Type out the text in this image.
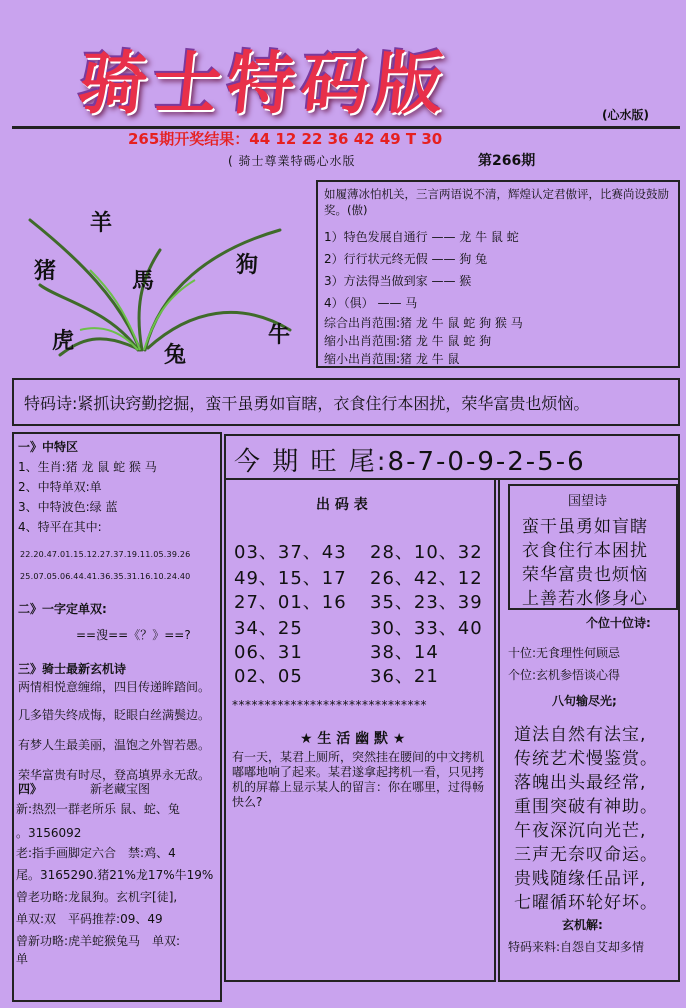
骑士特码版	(心水版)
265期开奖结果：44 12 22 36 42 49 T 30
( 骑士尊業特碼心水版	第266期
羊
猪	馬
狗
虎
兔
牛
如履薄冰怕机关，三言两语说不清，辉煌认定君傲评，比赛尚设鼓励奖。(傲)
1）特色发展自通行 —— 龙 牛 鼠 蛇
2）行行状元终无假 —— 狗 兔
3）方法得当做到家 —— 猴
4）（俱） —— 马
综合出肖范围:猪 龙 牛 鼠 蛇 狗 猴 马
缩小出肖范围:猪 龙 牛 鼠 蛇 狗
缩小出肖范围:猪 龙 牛 鼠
特码诗:紧抓诀窍勤挖掘，蛮干虽勇如盲瞎，衣食住行本困扰，荣华富贵也烦恼。
一》中特区
1、生肖:猪 龙 鼠 蛇 猴 马
2、中特单双:单
3、中特波色:绿 蓝
4、特平在其中:
22.20.47.01.15.12.27.37.19.11.05.39.26
25.07.05.06.44.41.36.35.31.16.10.24.40
二》一字定单双:
==溲==《？》==?
三》骑士最新玄机诗
两情相悦意缠绵，四目传递眸踏间。
几多错失终成悔，眨眼白丝满鬓边。
有梦人生最美丽，温饱之外智若愚。
荣华富贵有时尽，登高填界永无敌。
四》	新老藏宝图
新:热烈一群老所乐 鼠、蛇、兔
。3156092
老:指手画脚定六合　禁:鸡、4
尾。3165290.猪21%龙17%牛19%
曾老功略:龙鼠狗。玄机字[徒],
单双:双　平码推荐:09、49
曾新功略:虎羊蛇猴兔马　单双:
单
今 期 旺 尾:8-7-0-9-2-5-6
出 码 表
03、37、43 28、10、32
49、15、17 26、42、12
27、01、16 35、23、39
34、25	30、33、40
06、31	38、14
02、05	36、21
******************************
★ 生 活 幽 默 ★
有一天，某君上厕所，突然挂在腰间的中文拷机嘟嘟地响了起来。某君遂拿起拷机一看，只见拷机的屏幕上显示某人的留言：你在哪里，过得畅快么?
个位十位诗:
十位:无食理性何顾忌
个位:玄机参悟谈心得
八句输尽光;
道法自然有法宝,
传统艺术慢鉴赏。
落魄出头最经常,
重围突破有神助。
午夜深沉向光芒,
三声无奈叹命运。
贵贱随缘任品评,
七曜循环轮好坏。
玄机解:
特码来料:自怨自艾却多情
国望诗
蛮干虽勇如盲瞎
衣食住行本困扰
荣华富贵也烦恼
上善若水修身心
